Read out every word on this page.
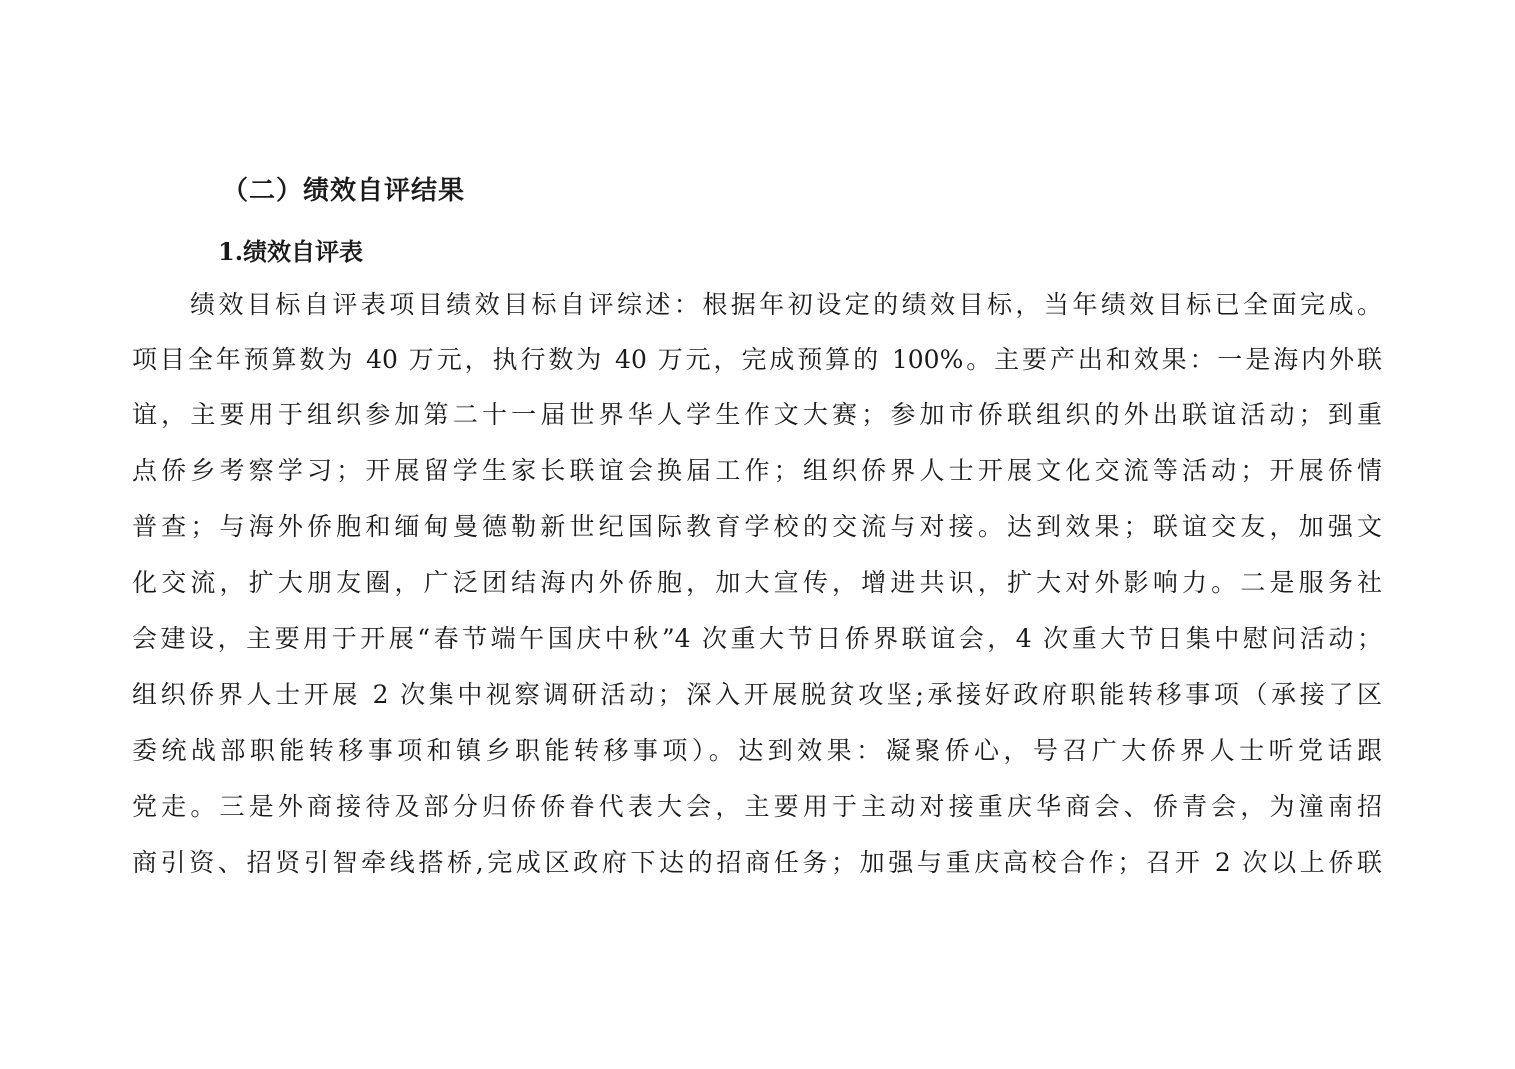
（二）绩效自评结果
1.绩效自评表
绩效目标自评表项目绩效目标自评综述：根据年初设定的绩效目标，当年绩效目标已全面完成。
项目全年预算数为 40 万元，执行数为 40 万元，完成预算的 100%。主要产出和效果：一是海内外联
谊，主要用于组织参加第二十一届世界华人学生作文大赛；参加市侨联组织的外出联谊活动；到重
点侨乡考察学习；开展留学生家长联谊会换届工作；组织侨界人士开展文化交流等活动；开展侨情
普查；与海外侨胞和缅甸曼德勒新世纪国际教育学校的交流与对接。达到效果；联谊交友，加强文
化交流，扩大朋友圈，广泛团结海内外侨胞，加大宣传，增进共识，扩大对外影响力。二是服务社
会建设，主要用于开展“春节端午国庆中秋”4 次重大节日侨界联谊会，4 次重大节日集中慰问活动；
组织侨界人士开展 2 次集中视察调研活动；深入开展脱贫攻坚;承接好政府职能转移事项（承接了区
委统战部职能转移事项和镇乡职能转移事项）。达到效果：凝聚侨心，号召广大侨界人士听党话跟
党走。三是外商接待及部分归侨侨眷代表大会，主要用于主动对接重庆华商会、侨青会，为潼南招
商引资、招贤引智牵线搭桥,完成区政府下达的招商任务；加强与重庆高校合作；召开 2 次以上侨联
